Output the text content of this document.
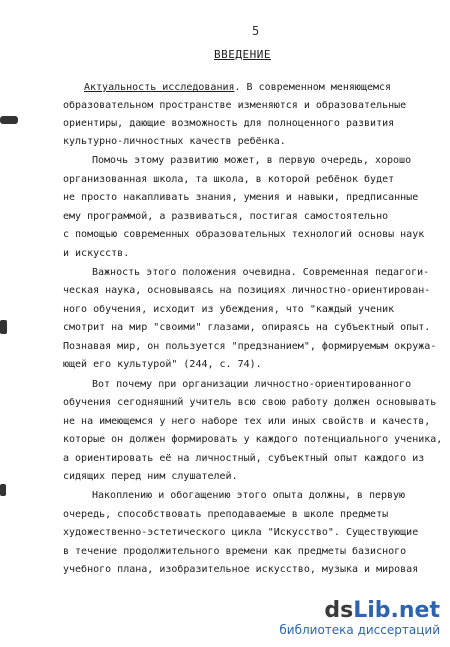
5
ВВЕДЕНИЕ
Актуальность исследования. В современном меняющемся
образовательном пространстве изменяются и образовательные
ориентиры, дающие возможность для полноценного развития
культурно-личностных качеств ребёнка.
Помочь этому развитию может, в первую очередь, хорошо
организованная школа, та школа, в которой ребёнок будет
не просто накапливать знания, умения и навыки, предписанные
ему программой, а развиваться, постигая самостоятельно
с помощью современных образовательных технологий основы наук
и искусств.
Важность этого положения очевидна. Современная педагоги-
ческая наука, основываясь на позициях личностно-ориентирован-
ного обучения, исходит из убеждения, что "каждый ученик
смотрит на мир "своими" глазами, опираясь на субъектный опыт.
Познавая мир, он пользуется "предзнанием", формируемым окружа-
ющей его культурой" (244, с. 74).
Вот почему при организации личностно-ориентированного
обучения сегодняшний учитель всю свою работу должен основывать
не на имеющемся у него наборе тех или иных свойств и качеств,
которые он должен формировать у каждого потенциального ученика,
а ориентировать её на личностный, субъектный опыт каждого из
сидящих перед ним слушателей.
Накоплению и обогащению этого опыта должны, в первую
очередь, способствовать преподаваемые в школе предметы
художественно-эстетического цикла "Искусство". Существующие
в течение продолжительного времени как предметы базисного
учебного плана, изобразительное искусство, музыка и мировая
dsLib.net
библиотека диссертаций
